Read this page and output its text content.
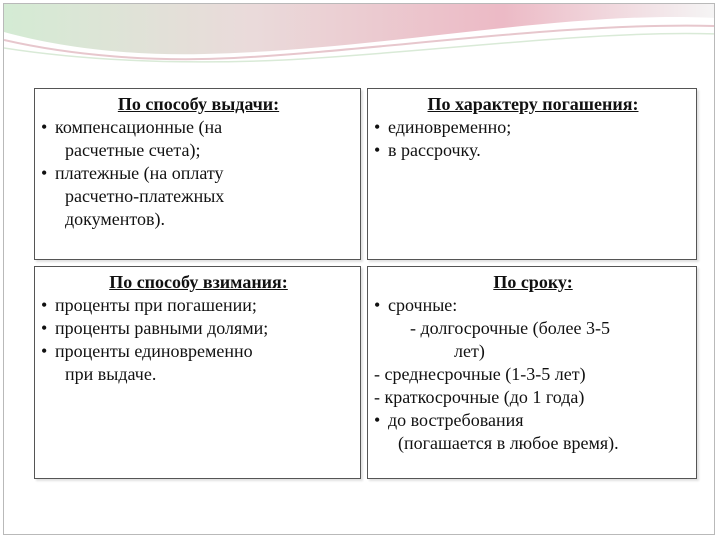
По способу выдачи:
• компенсационные (на
расчетные счета);
• платежные (на оплату
расчетно-платежных
документов).
По характеру погашения:
• единовременно;
• в рассрочку.
По способу взимания:
• проценты при погашении;
• проценты равными долями;
• проценты единовременно
при выдаче.
По сроку:
• срочные:
- долгосрочные (более 3-5
лет)
- среднесрочные (1-3-5 лет)
- краткосрочные (до 1 года)
• до востребования
(погашается в любое время).
